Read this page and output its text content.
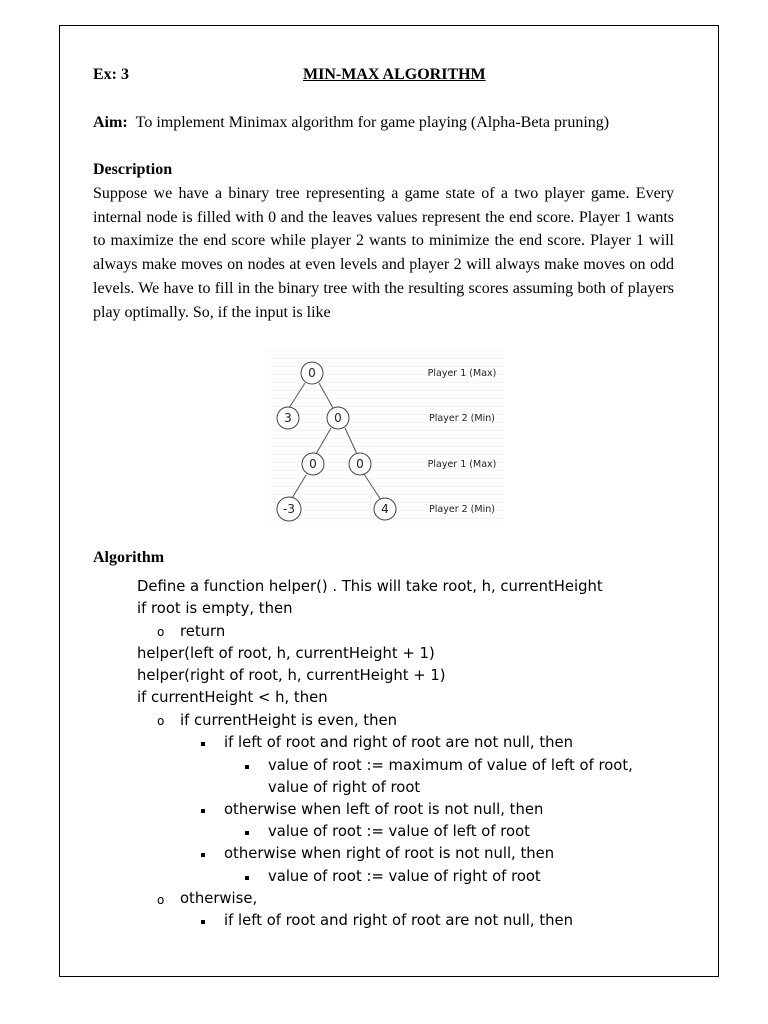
Ex: 3	MIN-MAX ALGORITHM
Aim: To implement Minimax algorithm for game playing (Alpha-Beta pruning)
Description

Suppose we have a binary tree representing a game state of a two player game. Every internal node is filled with 0 and the leaves values represent the end score. Player 1 wants to maximize the end score while player 2 wants to minimize the end score. Player 1 will always make moves on nodes at even levels and player 2 will always make moves on odd levels. We have to fill in the binary tree with the resulting scores assuming both of players play optimally. So, if the input is like

0
3	0
0	0
-3	4
Player 1 (Max)
Player 2 (Min)
Player 1 (Max)
Player 2 (Min)
Algorithm
Define a function helper() . This will take root, h, currentHeight
if root is empty, then
o return
helper(left of root, h, currentHeight + 1)
helper(right of root, h, currentHeight + 1)
if currentHeight < h, then
o if currentHeight is even, then
if left of root and right of root are not null, then
value of root := maximum of value of left of root,
value of right of root
otherwise when left of root is not null, then
value of root := value of left of root
otherwise when right of root is not null, then
value of root := value of right of root
o otherwise,
if left of root and right of root are not null, then
